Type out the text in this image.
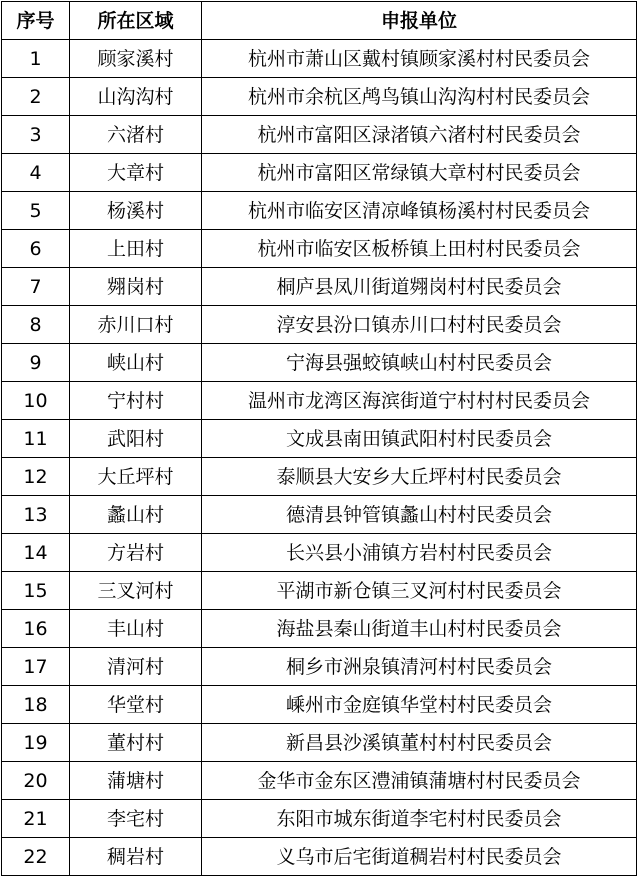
序号	所在区域	申报单位
1	顾家溪村	杭州市萧山区戴村镇顾家溪村村民委员会
2	山沟沟村	杭州市余杭区鸬鸟镇山沟沟村村民委员会
3	六渚村	杭州市富阳区渌渚镇六渚村村民委员会
4	大章村	杭州市富阳区常绿镇大章村村民委员会
5	杨溪村	杭州市临安区清凉峰镇杨溪村村民委员会
6	上田村	杭州市临安区板桥镇上田村村民委员会
7	翙岗村	桐庐县凤川街道翙岗村村民委员会
8	赤川口村	淳安县汾口镇赤川口村村民委员会
9	峡山村	宁海县强蛟镇峡山村村民委员会
10	宁村村	温州市龙湾区海滨街道宁村村村民委员会
11	武阳村	文成县南田镇武阳村村民委员会
12	大丘坪村	泰顺县大安乡大丘坪村村民委员会
13	蠡山村	德清县钟管镇蠡山村村民委员会
14	方岩村	长兴县小浦镇方岩村村民委员会
15	三叉河村	平湖市新仓镇三叉河村村民委员会
16	丰山村	海盐县秦山街道丰山村村民委员会
17	清河村	桐乡市洲泉镇清河村村民委员会
18	华堂村	嵊州市金庭镇华堂村村民委员会
19	董村村	新昌县沙溪镇董村村村民委员会
20	蒲塘村	金华市金东区澧浦镇蒲塘村村民委员会
21	李宅村	东阳市城东街道李宅村村民委员会
22	稠岩村	义乌市后宅街道稠岩村村民委员会
